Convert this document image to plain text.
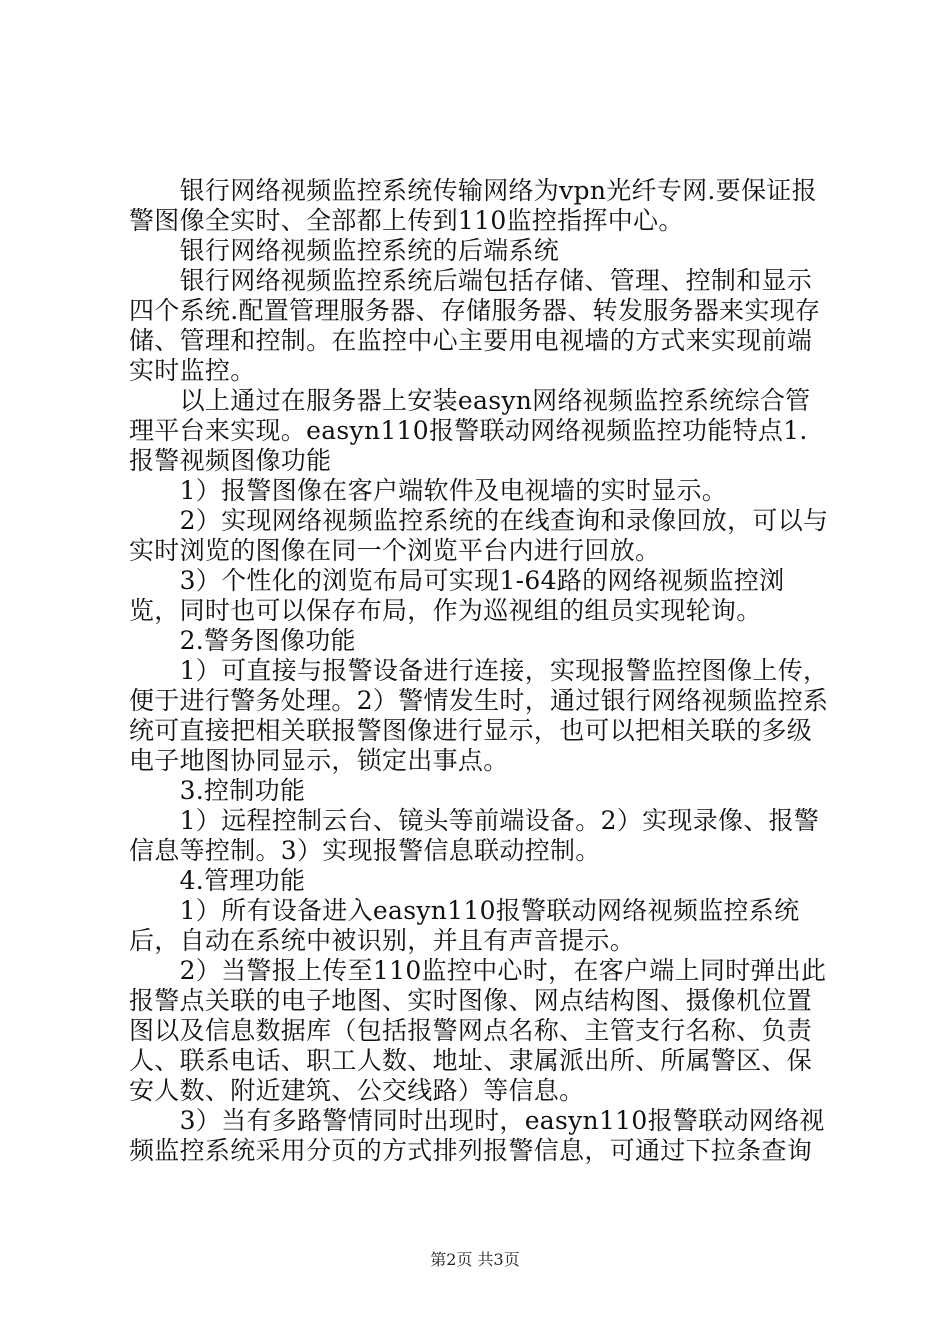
　　银行网络视频监控系统传输网络为vpn光纤专网.要保证报警图像全实时、全部都上传到110监控指挥中心。

　　银行网络视频监控系统的后端系统

　　银行网络视频监控系统后端包括存储、管理、控制和显示四个系统.配置管理服务器、存储服务器、转发服务器来实现存储、管理和控制。在监控中心主要用电视墙的方式来实现前端实时监控。

　　以上通过在服务器上安装easyn网络视频监控系统综合管理平台来实现。easyn110报警联动网络视频监控功能特点1.报警视频图像功能

　　1）报警图像在客户端软件及电视墙的实时显示。

　　2）实现网络视频监控系统的在线查询和录像回放，可以与实时浏览的图像在同一个浏览平台内进行回放。

　　3）个性化的浏览布局可实现1-64路的网络视频监控浏览，同时也可以保存布局，作为巡视组的组员实现轮询。

　　2.警务图像功能

　　1）可直接与报警设备进行连接，实现报警监控图像上传，便于进行警务处理。2）警情发生时，通过银行网络视频监控系统可直接把相关联报警图像进行显示，也可以把相关联的多级电子地图协同显示，锁定出事点。

　　3.控制功能

　　1）远程控制云台、镜头等前端设备。2）实现录像、报警信息等控制。3）实现报警信息联动控制。

　　4.管理功能

　　1）所有设备进入easyn110报警联动网络视频监控系统后，自动在系统中被识别，并且有声音提示。

　　2）当警报上传至110监控中心时，在客户端上同时弹出此报警点关联的电子地图、实时图像、网点结构图、摄像机位置图以及信息数据库（包括报警网点名称、主管支行名称、负责人、联系电话、职工人数、地址、隶属派出所、所属警区、保安人数、附近建筑、公交线路）等信息。

　　3）当有多路警情同时出现时，easyn110报警联动网络视频监控系统采用分页的方式排列报警信息，可通过下拉条查询

第2页 共3页
